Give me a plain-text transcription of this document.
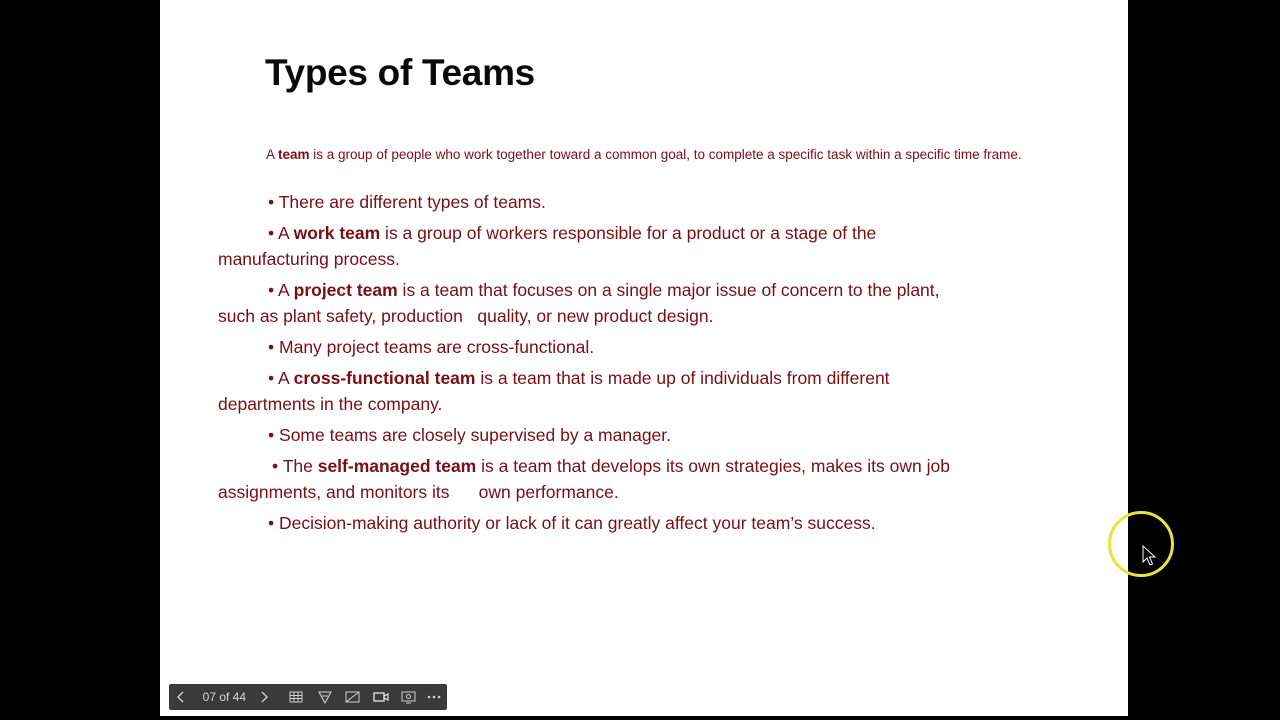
Types of Teams
A team is a group of people who work together toward a common goal, to complete a specific task within a specific time frame.
• There are different types of teams.
• A work team is a group of workers responsible for a product or a stage of the
manufacturing process.
• A project team is a team that focuses on a single major issue of concern to the plant,
such as plant safety, production   quality, or new product design.
• Many project teams are cross-functional.
• A cross-functional team is a team that is made up of individuals from different
departments in the company.
• Some teams are closely supervised by a manager.
• The self-managed team is a team that develops its own strategies, makes its own job
assignments, and monitors its      own performance.
• Decision-making authority or lack of it can greatly affect your team’s success.
07 of 44
